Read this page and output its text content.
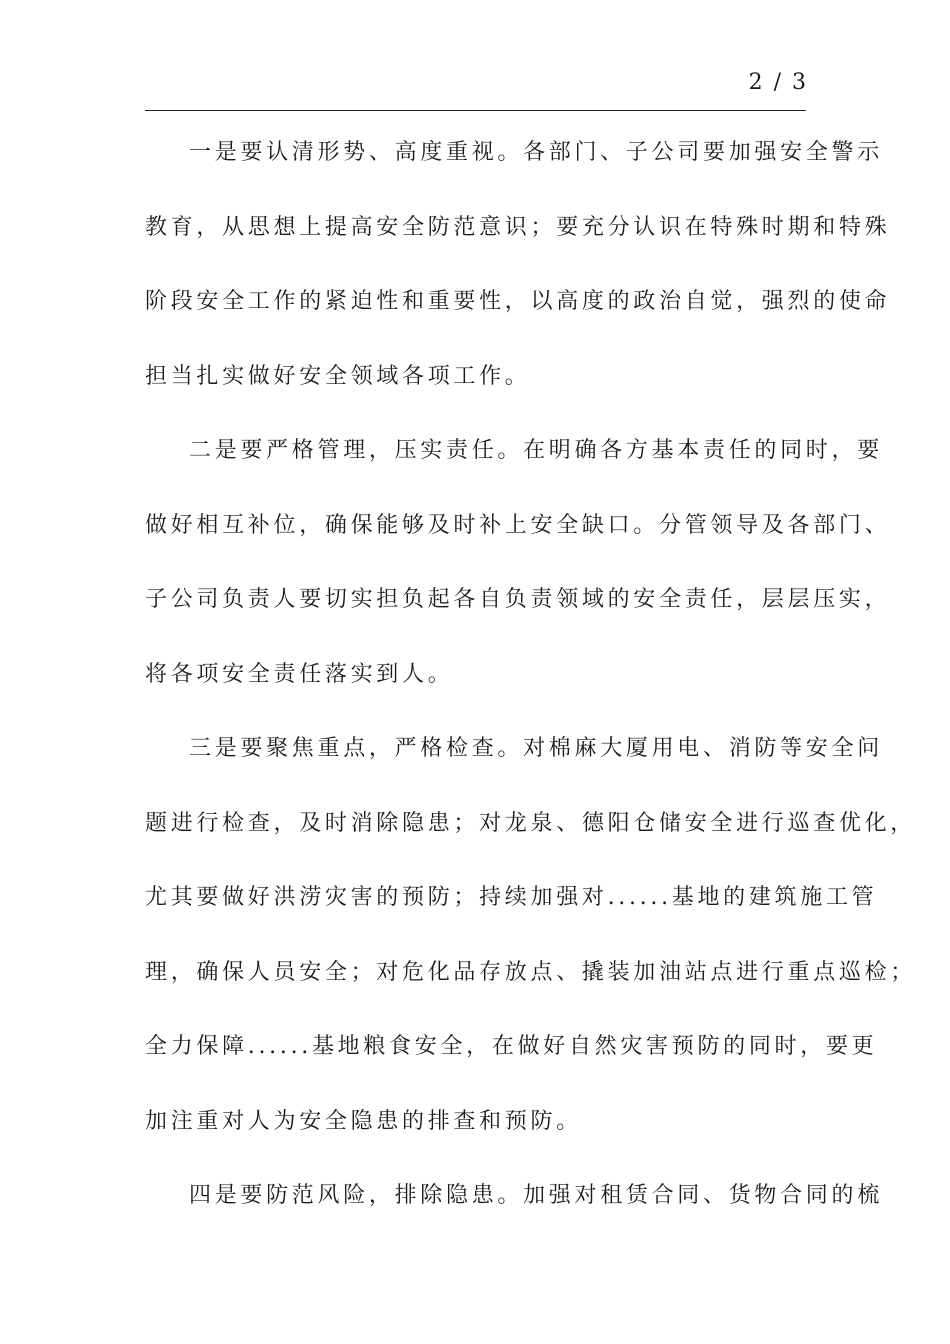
2 / 3
一是要认清形势、高度重视。各部门、子公司要加强安全警示
教育，从思想上提高安全防范意识；要充分认识在特殊时期和特殊
阶段安全工作的紧迫性和重要性，以高度的政治自觉，强烈的使命
担当扎实做好安全领域各项工作。
二是要严格管理，压实责任。在明确各方基本责任的同时，要
做好相互补位，确保能够及时补上安全缺口。分管领导及各部门、
子公司负责人要切实担负起各自负责领域的安全责任，层层压实，
将各项安全责任落实到人。
三是要聚焦重点，严格检查。对棉麻大厦用电、消防等安全问
题进行检查，及时消除隐患；对龙泉、德阳仓储安全进行巡查优化，
尤其要做好洪涝灾害的预防；持续加强对......基地的建筑施工管
理，确保人员安全；对危化品存放点、撬装加油站点进行重点巡检；
全力保障......基地粮食安全，在做好自然灾害预防的同时，要更
加注重对人为安全隐患的排查和预防。
四是要防范风险，排除隐患。加强对租赁合同、货物合同的梳
